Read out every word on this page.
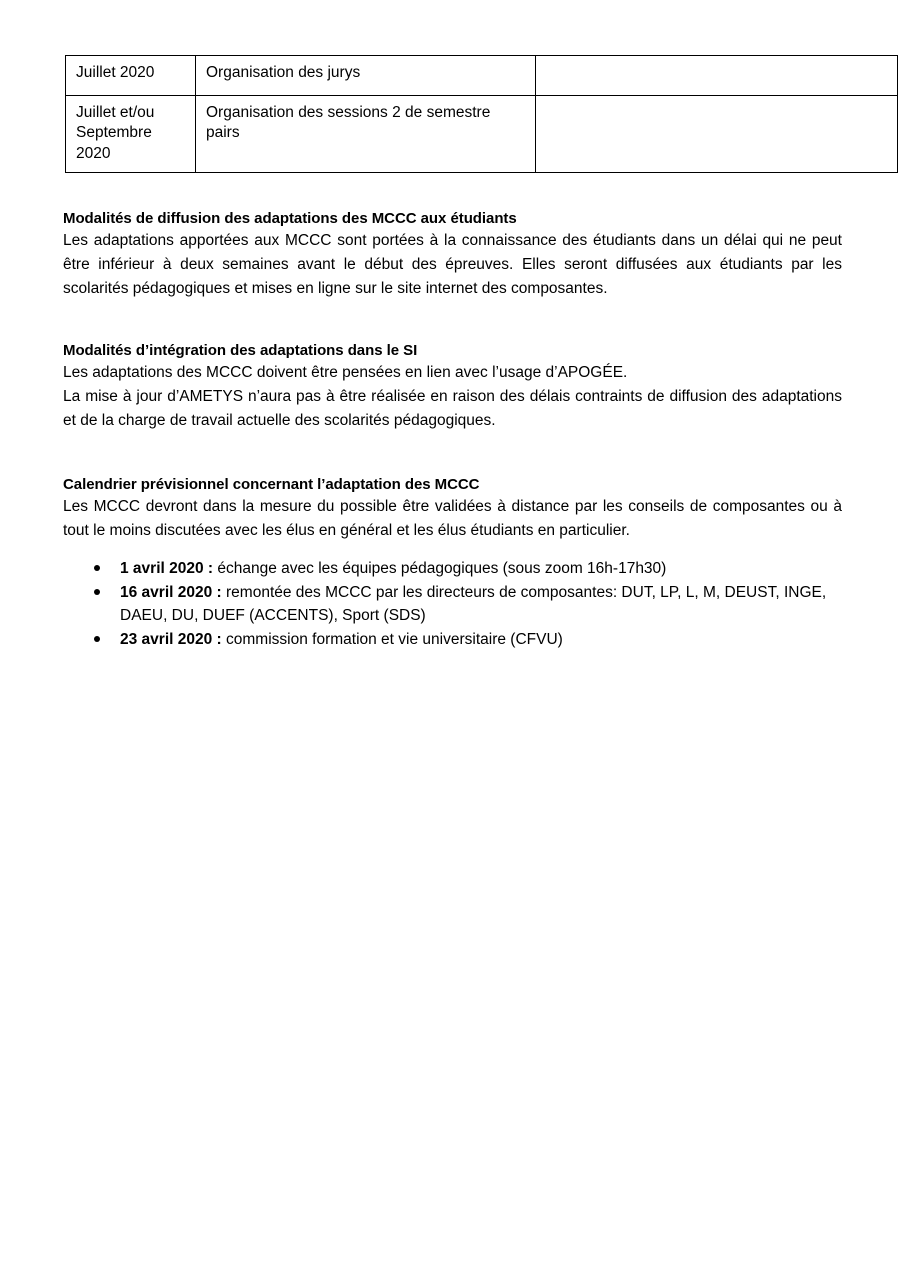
Juillet 2020	Organisation des jurys	
Juillet et/ou Septembre 2020	Organisation des sessions 2 de semestre pairs	

Modalités de diffusion des adaptations des MCCC aux étudiants

Les adaptations apportées aux MCCC sont portées à la connaissance des étudiants dans un délai qui ne peut être inférieur à deux semaines avant le début des épreuves. Elles seront diffusées aux étudiants par les scolarités pédagogiques et mises en ligne sur le site internet des composantes.

Modalités d’intégration des adaptations dans le SI

Les adaptations des MCCC doivent être pensées en lien avec l’usage d’APOGÉE.

La mise à jour d’AMETYS n’aura pas à être réalisée en raison des délais contraints de diffusion des adaptations et de la charge de travail actuelle des scolarités pédagogiques.

Calendrier prévisionnel concernant l’adaptation des MCCC

Les MCCC devront dans la mesure du possible être validées à distance par les conseils de composantes ou à tout le moins discutées avec les élus en général et les élus étudiants en particulier.

1 avril 2020 : échange avec les équipes pédagogiques (sous zoom 16h-17h30)
16 avril 2020 : remontée des MCCC par les directeurs de composantes: DUT, LP, L, M, DEUST, INGE, DAEU, DU, DUEF (ACCENTS), Sport (SDS)
23 avril 2020 : commission formation et vie universitaire (CFVU)
